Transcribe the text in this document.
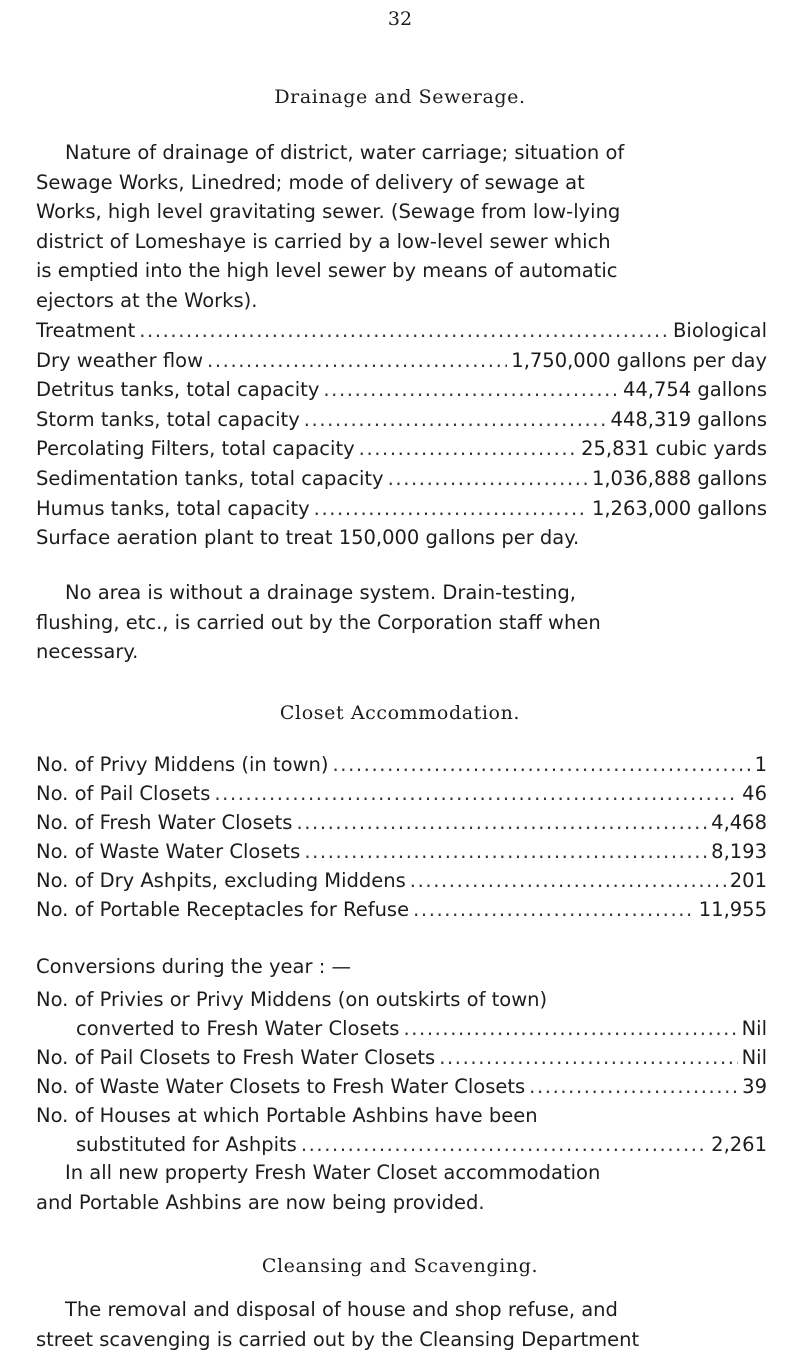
32
Drainage and Sewerage.
Nature of drainage of district, water carriage; situation of
Sewage Works, Linedred; mode of delivery of sewage at
Works, high level gravitating sewer. (Sewage from low-lying
district of Lomeshaye is carried by a low-level sewer which
is emptied into the high level sewer by means of automatic
ejectors at the Works).
Treatment .....	Biological
Dry weather flow .....	1,750,000 gallons per day
Detritus tanks, total capacity .....	44,754 gallons
Storm tanks, total capacity .....	448,319 gallons
Percolating Filters, total capacity .....	25,831 cubic yards
Sedimentation tanks, total capacity .....	1,036,888 gallons
Humus tanks, total capacity .....	1,263,000 gallons
Surface aeration plant to treat 150,000 gallons per day.
No area is without a drainage system. Drain-testing,
flushing, etc., is carried out by the Corporation staff when
necessary.
Closet Accommodation.
No. of Privy Middens (in town) .....	1
No. of Pail Closets .....	46
No. of Fresh Water Closets .....	4,468
No. of Waste Water Closets .....	8,193
No. of Dry Ashpits, excluding Middens .....	201
No. of Portable Receptacles for Refuse .....	11,955
Conversions during the year : —
No. of Privies or Privy Middens (on outskirts of town)
converted to Fresh Water Closets .....	Nil
No. of Pail Closets to Fresh Water Closets .....	Nil
No. of Waste Water Closets to Fresh Water Closets .....	39
No. of Houses at which Portable Ashbins have been
substituted for Ashpits .....	2,261
In all new property Fresh Water Closet accommodation
and Portable Ashbins are now being provided.
Cleansing and Scavenging.
The removal and disposal of house and shop refuse, and
street scavenging is carried out by the Cleansing Department
